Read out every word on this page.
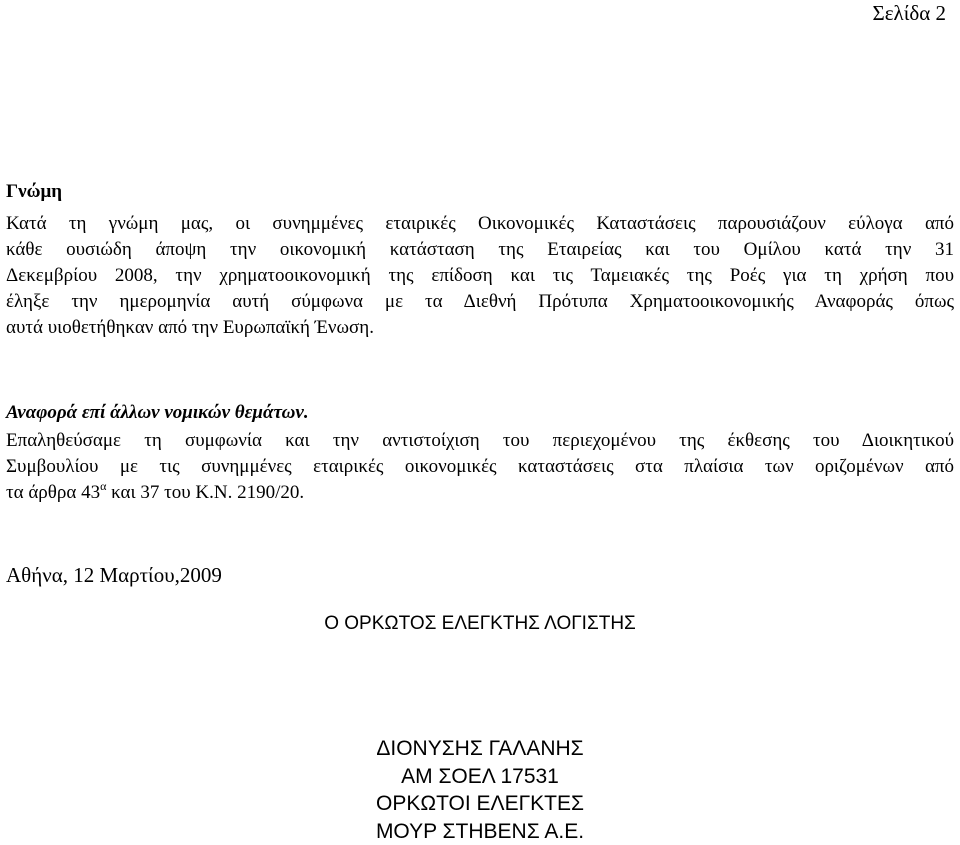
Σελίδα 2
Γνώμη
Κατά τη γνώμη μας, οι συνημμένες εταιρικές Οικονομικές Καταστάσεις παρουσιάζουν εύλογα από
κάθε ουσιώδη άποψη την οικονομική κατάσταση της Εταιρείας και του Ομίλου κατά την 31
Δεκεμβρίου 2008, την χρηματοοικονομική της επίδοση και τις Ταμειακές της Ροές για τη χρήση που
έληξε την ημερομηνία αυτή σύμφωνα με τα Διεθνή Πρότυπα Χρηματοοικονομικής Αναφοράς όπως
αυτά υιοθετήθηκαν από την Ευρωπαϊκή Ένωση.
Αναφορά επί άλλων νομικών θεμάτων.
Επαληθεύσαμε τη συμφωνία και την αντιστοίχιση του περιεχομένου της έκθεσης του Διοικητικού
Συμβουλίου με τις συνημμένες εταιρικές οικονομικές καταστάσεις στα πλαίσια των οριζομένων από
τα άρθρα $43^\alpha$ και 37 του Κ.Ν. 2190/20.

Αθήνα, 12 Μαρτίου,2009

Ο ΟΡΚΩΤΟΣ ΕΛΕΓΚΤΗΣ ΛΟΓΙΣΤΗΣ

ΔΙΟΝΥΣΗΣ ΓΑΛΑΝΗΣ
ΑΜ ΣΟΕΛ 17531
ΟΡΚΩΤΟΙ ΕΛΕΓΚΤΕΣ
ΜΟΥΡ ΣΤΗΒΕΝΣ Α.Ε.
